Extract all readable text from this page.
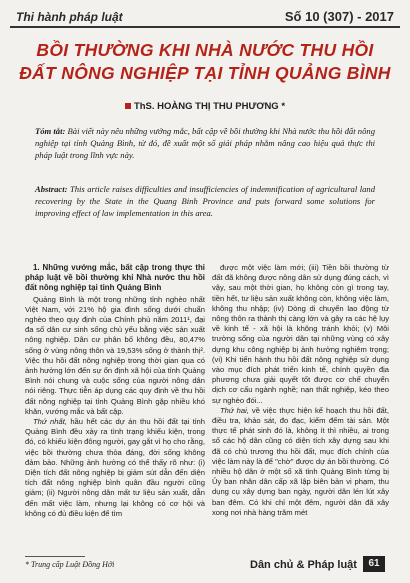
Thi hành pháp luật	Số 10 (307) - 2017
BỒI THƯỜNG KHI NHÀ NƯỚC THU HỒI
ĐẤT NÔNG NGHIỆP TẠI TỈNH QUẢNG BÌNH
ThS. HOÀNG THỊ THU PHƯƠNG *
Tóm tắt: Bài viết này nêu những vướng mắc, bất cập về bồi thường khi Nhà nước thu hồi đất nông nghiệp tại tỉnh Quảng Bình, từ đó, đề xuất một số giải pháp nhằm nâng cao hiệu quả thực thi pháp luật trong lĩnh vực này.
Abstract: This article raises difficulties and insufficiencies of indemnification of agricultural land recovering by the State in the Quang Binh Province and puts forward some solutions for improving effect of law implementation in this area.

1. Những vướng mắc, bất cập trong thực thi pháp luật về bồi thường khi Nhà nước thu hồi đất nông nghiệp tại tỉnh Quảng Bình

Quảng Bình là một trong những tỉnh nghèo nhất Việt Nam, với 21% hộ gia đình sống dưới chuẩn nghèo theo quy định của Chính phủ năm 2011¹, đại đa số dân cư sinh sống chủ yếu bằng việc sản xuất nông nghiệp. Dân cư phân bố không đều, 80,47% sống ở vùng nông thôn và 19,53% sống ở thành thị². Việc thu hồi đất nông nghiệp trong thời gian qua có ảnh hưởng lớn đến sự ổn định xã hội của tỉnh Quảng Bình nói chung và cuộc sống của người nông dân nói riêng. Thực tiễn áp dụng các quy định về thu hồi đất nông nghiệp tại tỉnh Quảng Bình gặp nhiều khó khăn, vướng mắc và bất cập.

Thứ nhất, hầu hết các dự án thu hồi đất tại tỉnh Quảng Bình đều xảy ra tình trạng khiếu kiện, trong đó, có khiếu kiện đông người, gay gắt vì họ cho rằng, việc bồi thường chưa thỏa đáng, đời sống không đảm bảo. Những ảnh hưởng có thể thấy rõ như: (i) Diện tích đất nông nghiệp bị giảm sút dẫn đến diện tích đất nông nghiệp bình quân đầu người cũng giảm; (ii) Người nông dân mất tư liệu sản xuất, dẫn đến mất việc làm, nhưng lại không có cơ hội và không có đủ điều kiện để tìm

được một việc làm mới; (iii) Tiền bồi thường từ đất đã không được nông dân sử dụng đúng cách, vì vậy, sau một thời gian, họ không còn gì trong tay, tiền hết, tư liệu sản xuất không còn, không việc làm, không thu nhập; (iv) Dòng di chuyển lao động từ nông thôn ra thành thị càng lớn và gây ra các hệ lụy về kinh tế - xã hội là không tránh khỏi; (v) Môi trường sống của người dân tại những vùng có xây dựng khu công nghiệp bị ảnh hưởng nghiêm trọng; (vi) Khi tiến hành thu hồi đất nông nghiệp sử dụng vào mục đích phát triển kinh tế, chính quyền địa phương chưa giải quyết tốt được cơ chế chuyển dịch cơ cấu ngành nghề; nạn thất nghiệp, kéo theo sự nghèo đói...

Thứ hai, về việc thực hiện kế hoạch thu hồi đất, điều tra, khảo sát, đo đạc, kiểm đếm tài sản. Một thực tế phát sinh đó là, không ít thì nhiều, ai trong số các hộ dân cũng có diện tích xây dựng sau khi đã có chủ trương thu hồi đất, mục đích chính của việc làm này là để "chờ" được dự án bồi thường. Có nhiều hộ dân ở một số xã tỉnh Quảng Bình từng bị Ủy ban nhân dân cấp xã lập biên bản vi phạm, thu dụng cụ xây dựng ban ngày, người dân lén lút xây ban đêm. Có khi chỉ một đêm, người dân đã xây xong nơi nhà hàng trăm mét

* Trung cấp Luật Đồng Hới	Dân chủ & Pháp luật	61
